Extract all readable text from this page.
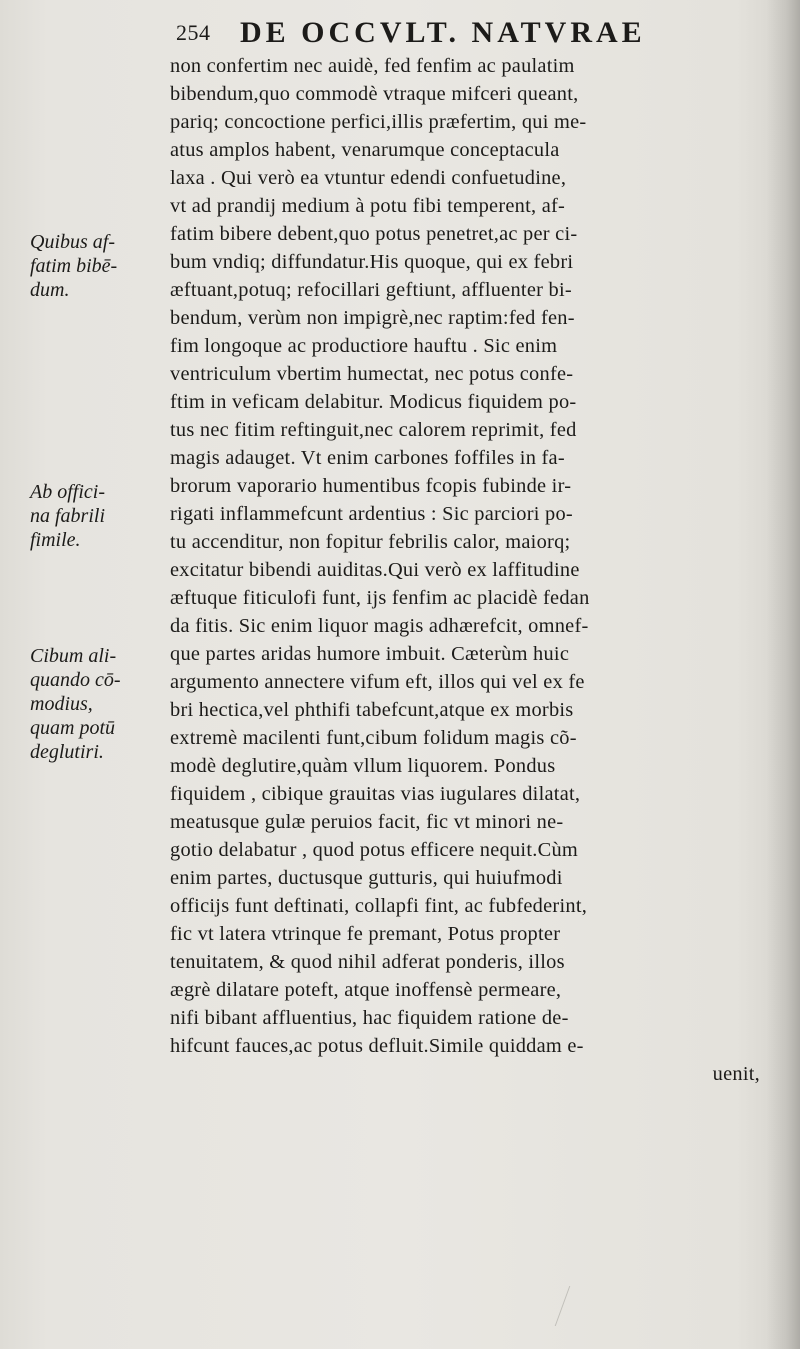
254 DE OCCVLT. NATVRAE
non confertim nec auidè, fed fenfim ac paulatim
bibendum,quo commodè vtraque mifceri queant,
pariq; concoctione perfici,illis præfertim, qui me-
atus amplos habent, venarumque conceptacula
laxa . Qui verò ea vtuntur edendi confuetudine,
vt ad prandij medium à potu fibi temperent, af-
fatim bibere debent,quo potus penetret,ac per ci-
bum vndiq; diffundatur.His quoque, qui ex febri
æftuant,potuq; refocillari geftiunt, affluenter bi-
bendum, verùm non impigrè,nec raptim:fed fen-
fim longoque ac productiore hauftu . Sic enim
ventriculum vbertim humectat, nec potus confe-
ftim in veficam delabitur. Modicus fiquidem po-
tus nec fitim reftinguit,nec calorem reprimit, fed
magis adauget. Vt enim carbones foffiles in fa-
brorum vaporario humentibus fcopis fubinde ir-
rigati inflammefcunt ardentius : Sic parciori po-
tu accenditur, non fopitur febrilis calor, maiorq;
excitatur bibendi auiditas.Qui verò ex laffitudine
æftuque fiticulofi funt, ijs fenfim ac placidè fedan
da fitis. Sic enim liquor magis adhærefcit, omnef-
que partes aridas humore imbuit. Cæterùm huic
argumento annectere vifum eft, illos qui vel ex fe
bri hectica,vel phthifi tabefcunt,atque ex morbis
extremè macilenti funt,cibum folidum magis cõ-
modè deglutire,quàm vllum liquorem. Pondus
fiquidem , cibique grauitas vias iugulares dilatat,
meatusque gulæ peruios facit, fic vt minori ne-
gotio delabatur , quod potus efficere nequit.Cùm
enim partes, ductusque gutturis, qui huiufmodi
officijs funt deftinati, collapfi fint, ac fubfederint,
fic vt latera vtrinque fe premant, Potus propter
tenuitatem, & quod nihil adferat ponderis, illos
ægrè dilatare poteft, atque inoffensè permeare,
nifi bibant affluentius, hac fiquidem ratione de-
hifcunt fauces,ac potus defluit.Simile quiddam e-
uenit,
Quibus af-
fatim bibē-
dum.
Ab offici-
na fabrili
fimile.
Cibum ali-
quando cō-
modius,
quam potū
deglutiri.
